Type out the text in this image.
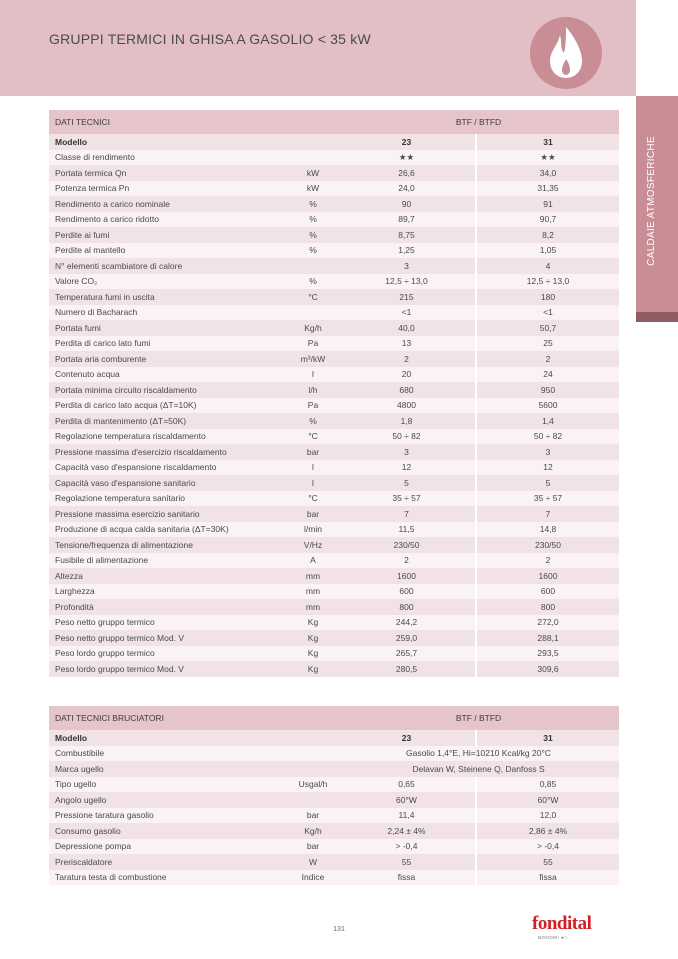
GRUPPI TERMICI IN GHISA A GASOLIO < 35 kW
CALDAIE ATMOSFERICHE
DATI TECNICI		BTF / BTFD		
Modello		23		31
Classe di rendimento		★★		★★
Portata termica Qn	kW	26,6		34,0
Potenza termica Pn	kW	24,0		31,35
Rendimento a carico nominale	%	90		91
Rendimento a carico ridotto	%	89,7		90,7
Perdite ai fumi	%	8,75		8,2
Perdite al mantello	%	1,25		1,05
N° elementi scambiatore di calore		3		4
Valore CO₂	%	12,5 ÷ 13,0		12,5 ÷ 13,0
Temperatura fumi in uscita	°C	215		180
Numero di Bacharach		<1		<1
Portata fumi	Kg/h	40,0		50,7
Perdita di carico lato fumi	Pa	13		25
Portata aria comburente	m³/kW	2		2
Contenuto acqua	l	20		24
Portata minima circuito riscaldamento	l/h	680		950
Perdita di carico lato acqua (ΔT=10K)	Pa	4800		5600
Perdita di mantenimento (ΔT=50K)	%	1,8		1,4
Regolazione temperatura riscaldamento	°C	50 ÷ 82		50 ÷ 82
Pressione massima d'esercizio riscaldamento	bar	3		3
Capacità vaso d'espansione riscaldamento	l	12		12
Capacità vaso d'espansione sanitario	l	5		5
Regolazione temperatura sanitario	°C	35 ÷ 57		35 ÷ 57
Pressione massima esercizio sanitario	bar	7		7
Produzione di acqua calda sanitaria (ΔT=30K)	l/min	11,5		14,8
Tensione/frequenza di alimentazione	V/Hz	230/50		230/50
Fusibile di alimentazione	A	2		2
Altezza	mm	1600		1600
Larghezza	mm	600		600
Profondità	mm	800		800
Peso netto gruppo termico	Kg	244,2		272,0
Peso netto gruppo termico Mod. V	Kg	259,0		288,1
Peso lordo gruppo termico	Kg	265,7		293,5
Peso lordo gruppo termico Mod. V	Kg	280,5		309,6
DATI TECNICI BRUCIATORI		BTF / BTFD		
Modello		23		31
Combustibile		Gasolio 1,4°E, Hi=10210 Kcal/kg 20°C		
Marca ugello		Delavan W, Steinene Q, Danfoss S		
Tipo ugello	Usgal/h	0,65		0,85
Angolo ugello		60°W		60°W
Pressione taratura gasolio	bar	11,4		12,0
Consumo gasolio	Kg/h	2,24 ± 4%		2,86 ± 4%
Depressione pompa	bar	> -0,4		> -0,4
Preriscaldatore	W	55		55
Taratura testa di combustione	Indice	fissa		fissa
131	fondital
BONOMI ●○
